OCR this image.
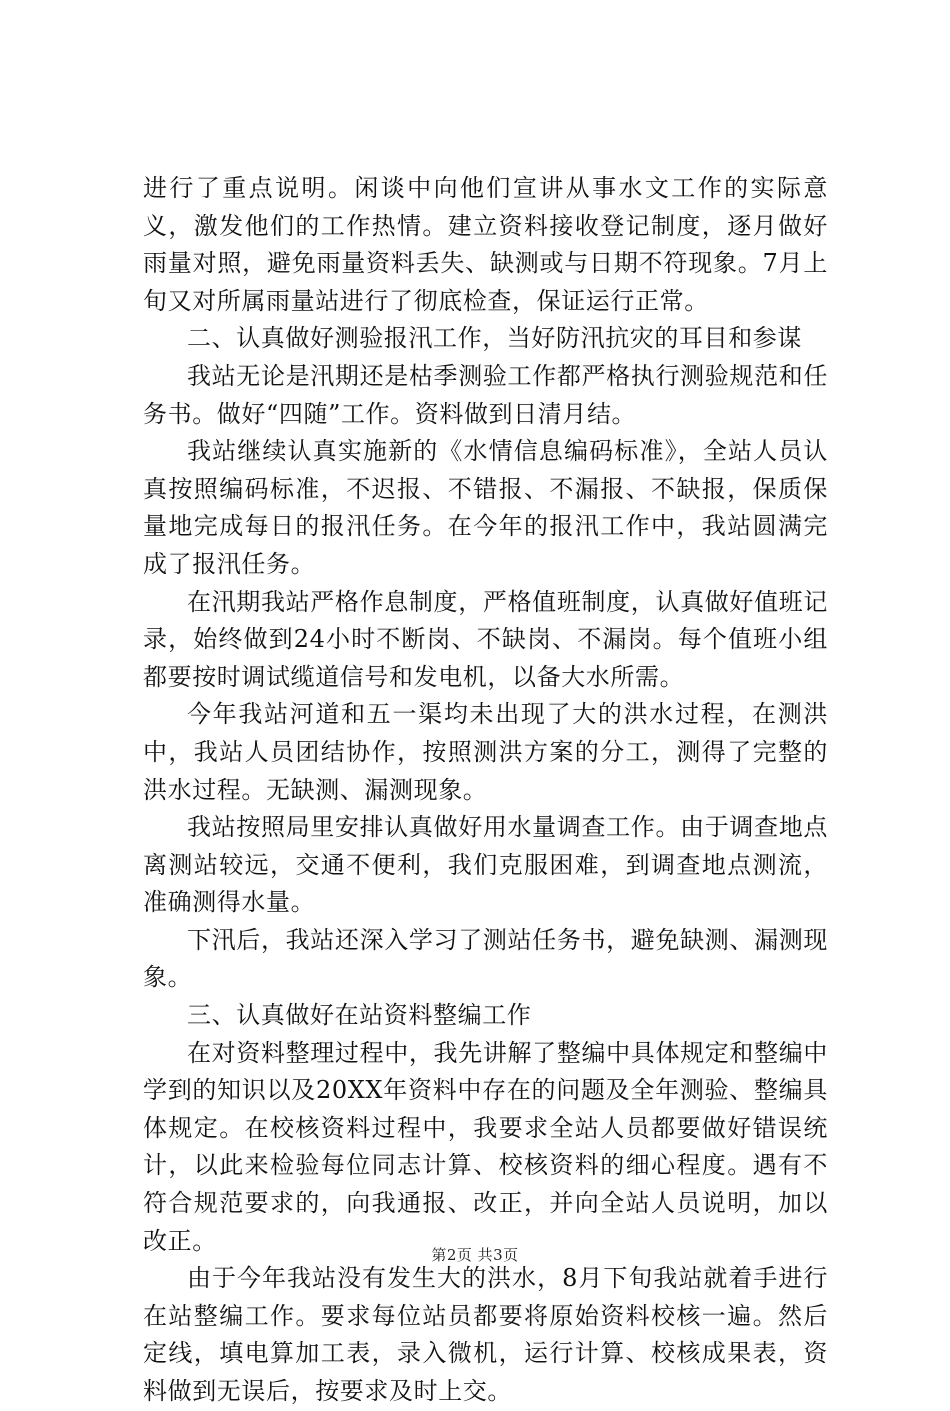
进行了重点说明。闲谈中向他们宣讲从事水文工作的实际意义，激发他们的工作热情。建立资料接收登记制度，逐月做好雨量对照，避免雨量资料丢失、缺测或与日期不符现象。7月上旬又对所属雨量站进行了彻底检查，保证运行正常。

二、认真做好测验报汛工作，当好防汛抗灾的耳目和参谋

我站无论是汛期还是枯季测验工作都严格执行测验规范和任务书。做好“四随”工作。资料做到日清月结。

我站继续认真实施新的《水情信息编码标准》，全站人员认真按照编码标准，不迟报、不错报、不漏报、不缺报，保质保量地完成每日的报汛任务。在今年的报汛工作中，我站圆满完成了报汛任务。

在汛期我站严格作息制度，严格值班制度，认真做好值班记录，始终做到24小时不断岗、不缺岗、不漏岗。每个值班小组都要按时调试缆道信号和发电机，以备大水所需。

今年我站河道和五一渠均未出现了大的洪水过程，在测洪中，我站人员团结协作，按照测洪方案的分工，测得了完整的洪水过程。无缺测、漏测现象。

我站按照局里安排认真做好用水量调查工作。由于调查地点离测站较远，交通不便利，我们克服困难，到调查地点测流，准确测得水量。

下汛后，我站还深入学习了测站任务书，避免缺测、漏测现象。

三、认真做好在站资料整编工作

在对资料整理过程中，我先讲解了整编中具体规定和整编中学到的知识以及20XX年资料中存在的问题及全年测验、整编具体规定。在校核资料过程中，我要求全站人员都要做好错误统计，以此来检验每位同志计算、校核资料的细心程度。遇有不符合规范要求的，向我通报、改正，并向全站人员说明，加以改正。

由于今年我站没有发生大的洪水，8月下旬我站就着手进行在站整编工作。要求每位站员都要将原始资料校核一遍。然后定线，填电算加工表，录入微机，运行计算、校核成果表，资料做到无误后，按要求及时上交。

第2页 共3页
